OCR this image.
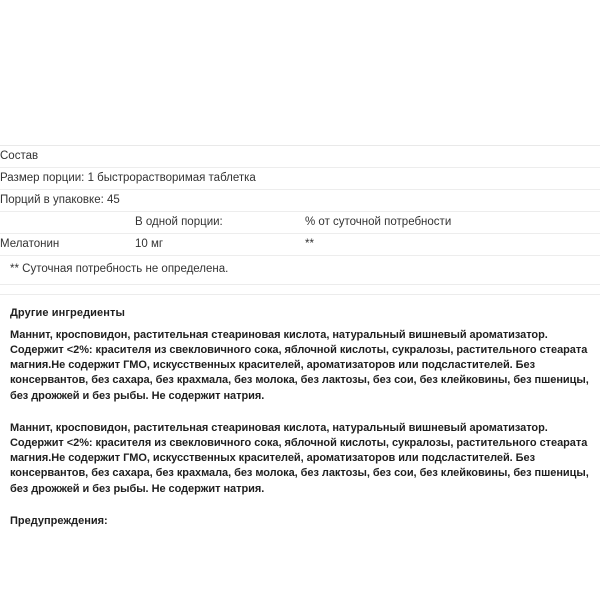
Состав		
Размер порции: 1 быстрорастворимая таблетка		
Порций в упаковке: 45		
	В одной порции:	% от суточной потребности
Мелатонин	10 мг	**
** Суточная потребность не определена.		

Другие ингредиенты

Маннит, кросповидон, растительная стеариновая кислота, натуральный вишневый ароматизатор. Содержит <2%: красителя из свекловичного сока, яблочной кислоты, сукралозы, растительного стеарата магния.Не содержит ГМО, искусственных красителей, ароматизаторов или подсластителей. Без консервантов, без сахара, без крахмала, без молока, без лактозы, без сои, без клейковины, без пшеницы, без дрожжей и без рыбы. Не содержит натрия.

Маннит, кросповидон, растительная стеариновая кислота, натуральный вишневый ароматизатор. Содержит <2%: красителя из свекловичного сока, яблочной кислоты, сукралозы, растительного стеарата магния.Не содержит ГМО, искусственных красителей, ароматизаторов или подсластителей. Без консервантов, без сахара, без крахмала, без молока, без лактозы, без сои, без клейковины, без пшеницы, без дрожжей и без рыбы. Не содержит натрия.

Предупреждения:
